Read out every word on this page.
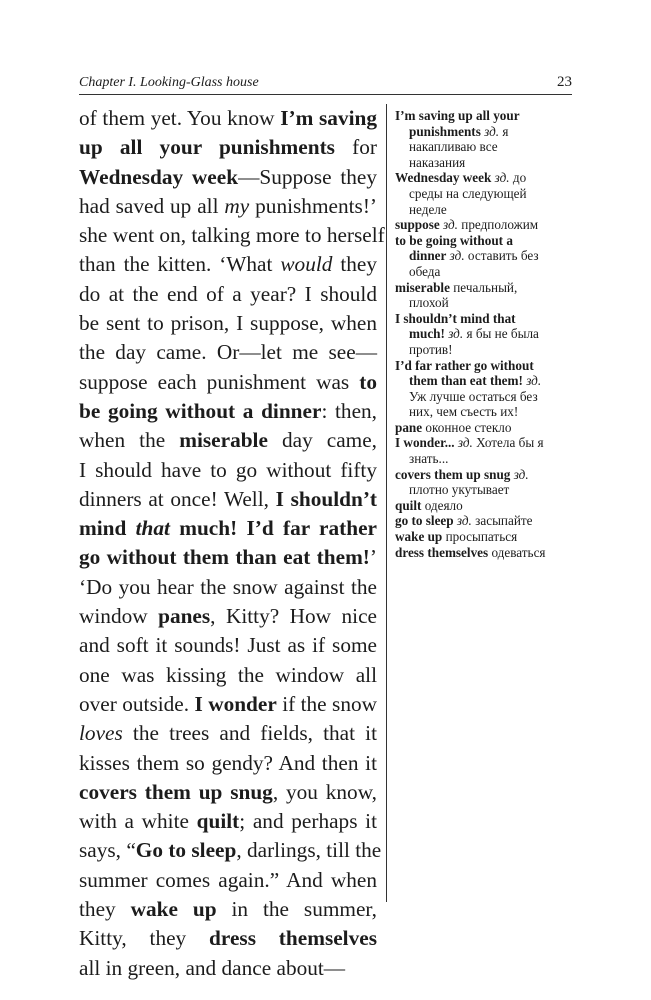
Chapter I. Looking-Glass house	23
of them yet. You know I’m saving
up all your punishments for
Wednesday week—Suppose they
had saved up all my punishments!’
she went on, talking more to herself
than the kitten. ‘What would they
do at the end of a year? I should
be sent to prison, I suppose, when
the day came. Or—let me see—
suppose each punishment was to
be going without a dinner: then,
when the miserable day came,
I should have to go without fifty
dinners at once! Well, I shouldn’t
mind that much! I’d far rather
go without them than eat them!’
‘Do you hear the snow against the
window panes, Kitty? How nice
and soft it sounds! Just as if some
one was kissing the window all
over outside. I wonder if the snow
loves the trees and fields, that it
kisses them so gendy? And then it
covers them up snug, you know,
with a white quilt; and perhaps it
says, “Go to sleep, darlings, till the
summer comes again.” And when
they wake up in the summer,
Kitty, they dress themselves
all in green, and dance about—
I’m saving up all your
punishments зд. я
накапливаю все
наказания
Wednesday week зд. до
среды на следующей
неделе
suppose зд. предположим
to be going without a
dinner зд. оставить без
обеда
miserable печальный,
плохой
I shouldn’t mind that
much! зд. я бы не была
против!
I’d far rather go without
them than eat them! зд.
Уж лучше остаться без
них, чем съесть их!
pane оконное стекло
I wonder... зд. Хотела бы я
знать...
covers them up snug зд.
плотно укутывает
quilt одеяло
go to sleep зд. засыпайте
wake up просыпаться
dress themselves одеваться
